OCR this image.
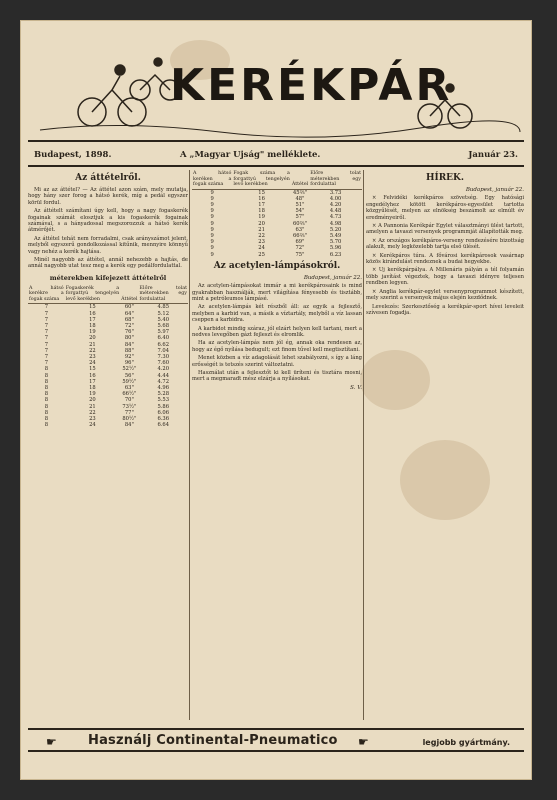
KERÉKPÁR
Budapest, 1898.	A „Magyar Ujság" melléklete.	Január 23.
Az áttételről.

Mi az az áttétel? — Az áttétel azon szám, mely mutatja, hogy hány szer forog a hátsó kerék, míg a pedál egyszer körül fordul.

Az áttételt számítani úgy kell, hogy a nagy fogaskerék fogainak számát elosztjuk a kis fogaskerék fogainak számával, s a hányadossal megszorozzuk a hátsó kerék átmérőjét.

Az áttétel tehát nem forradalmi, csak arányszámot jelent, melyből egyszerű gondolkozással kitűnik, mennyire könnyű vagy nehéz a kerék hajtása.

Minél nagyobb az áttétel, annál nehezebb a hajtás, de annál nagyobb utat tesz meg a kerék egy pedálfordulattal.

méterekben kifejezett áttételről
A hátsó kerékre a fogak száma	Fogaskerék a forgattyú tengelyén levő kerékben	Áttétel	Előre tolat méterekben egy fordulattal
7	15	60"	4.85
7	16	64"	5.12
7	17	68"	5.40
7	18	72"	5.68
7	19	76"	5.97
7	20	80"	6.40
7	21	84"	6.62
7	22	88"	7.04
7	23	92"	7.30
7	24	96"	7.60
8	15	52½"	4.20
8	16	56"	4.44
8	17	59½"	4.72
8	18	63"	4.96
8	19	66½"	5.28
8	20	70"	5.53
8	21	73½"	5.86
8	22	77"	6.06
8	23	80½"	6.36
8	24	84"	6.64
A hátsó keréken a fogak száma	Fogak száma a forgattyú tengelyén levő kerékben	Áttétel	Előre tolat méterekben egy fordulattal
9	15	45⅔"	3.73
9	16	48"	4.00
9	17	51"	4.20
9	18	54"	4.48
9	19	57"	4.73
9	20	60⅔"	4.98
9	21	63"	5.20
9	22	66⅔"	5.49
9	23	69"	5.70
9	24	72"	5.96
9	25	75"	6.23
Az acetylen-lámpásokról.
Budapest, január 22.

Az acetylen-lámpásokat immár a mi kerékpárosaink is mind gyakrabban használják, mert világítása fényesebb és tisztább, mint a petróleumos lámpásé.

Az acetylen-lámpás két részből áll: az egyik a fejlesztő, melyben a karbid van, a másik a víztartály, melyből a víz lassan cseppen a karbidra.

A karbidot mindig száraz, jól elzárt helyen kell tartani, mert a nedves levegőben gázt fejleszt és elromlik.

Ha az acetylen-lámpás nem jól ég, annak oka rendesen az, hogy az égő nyílása bedugult; ezt finom tűvel kell megtisztítani.

Menet közben a víz adagolását lehet szabályozni, s így a láng erősségét is tetszés szerint változtatni.

Használat után a fejlesztőt ki kell üríteni és tisztára mosni, mert a megmaradt mész elzárja a nyílásokat.

S. V.
HÍREK.
Budapest, január 22.

× Felvidéki kerékpáros szövetség. Egy hatósági engedélyhez kötött kerékpáros-egyesület tartotta közgyűlését, melyen az elnökség beszámolt az elmúlt év eredményeiről.

× A Pannonia Kerékpár Egylet választmányi ülést tartott, amelyen a tavaszi versenyek programmját állapították meg.

× Az országos kerékpáros-verseny rendezésére bizottság alakult, mely legközelebb tartja első ülését.

× Kerékpáros túra. A fővárosi kerékpárosok vasárnap közös kirándulást rendeznek a budai hegyekbe.

× Uj kerékpárpálya. A Millenáris pályán a tél folyamán több javítást végeztek, hogy a tavaszi idényre teljesen rendben legyen.

× Anglia kerékpár-egylet versenyprogrammot készített, mely szerint a versenyek május elején kezdődnek.

Levelezés: Szerkesztőség a kerékpár-sport hívei leveleit szívesen fogadja.

☛ Használj Continental-Pneumatico ☛	legjobb gyártmány.
